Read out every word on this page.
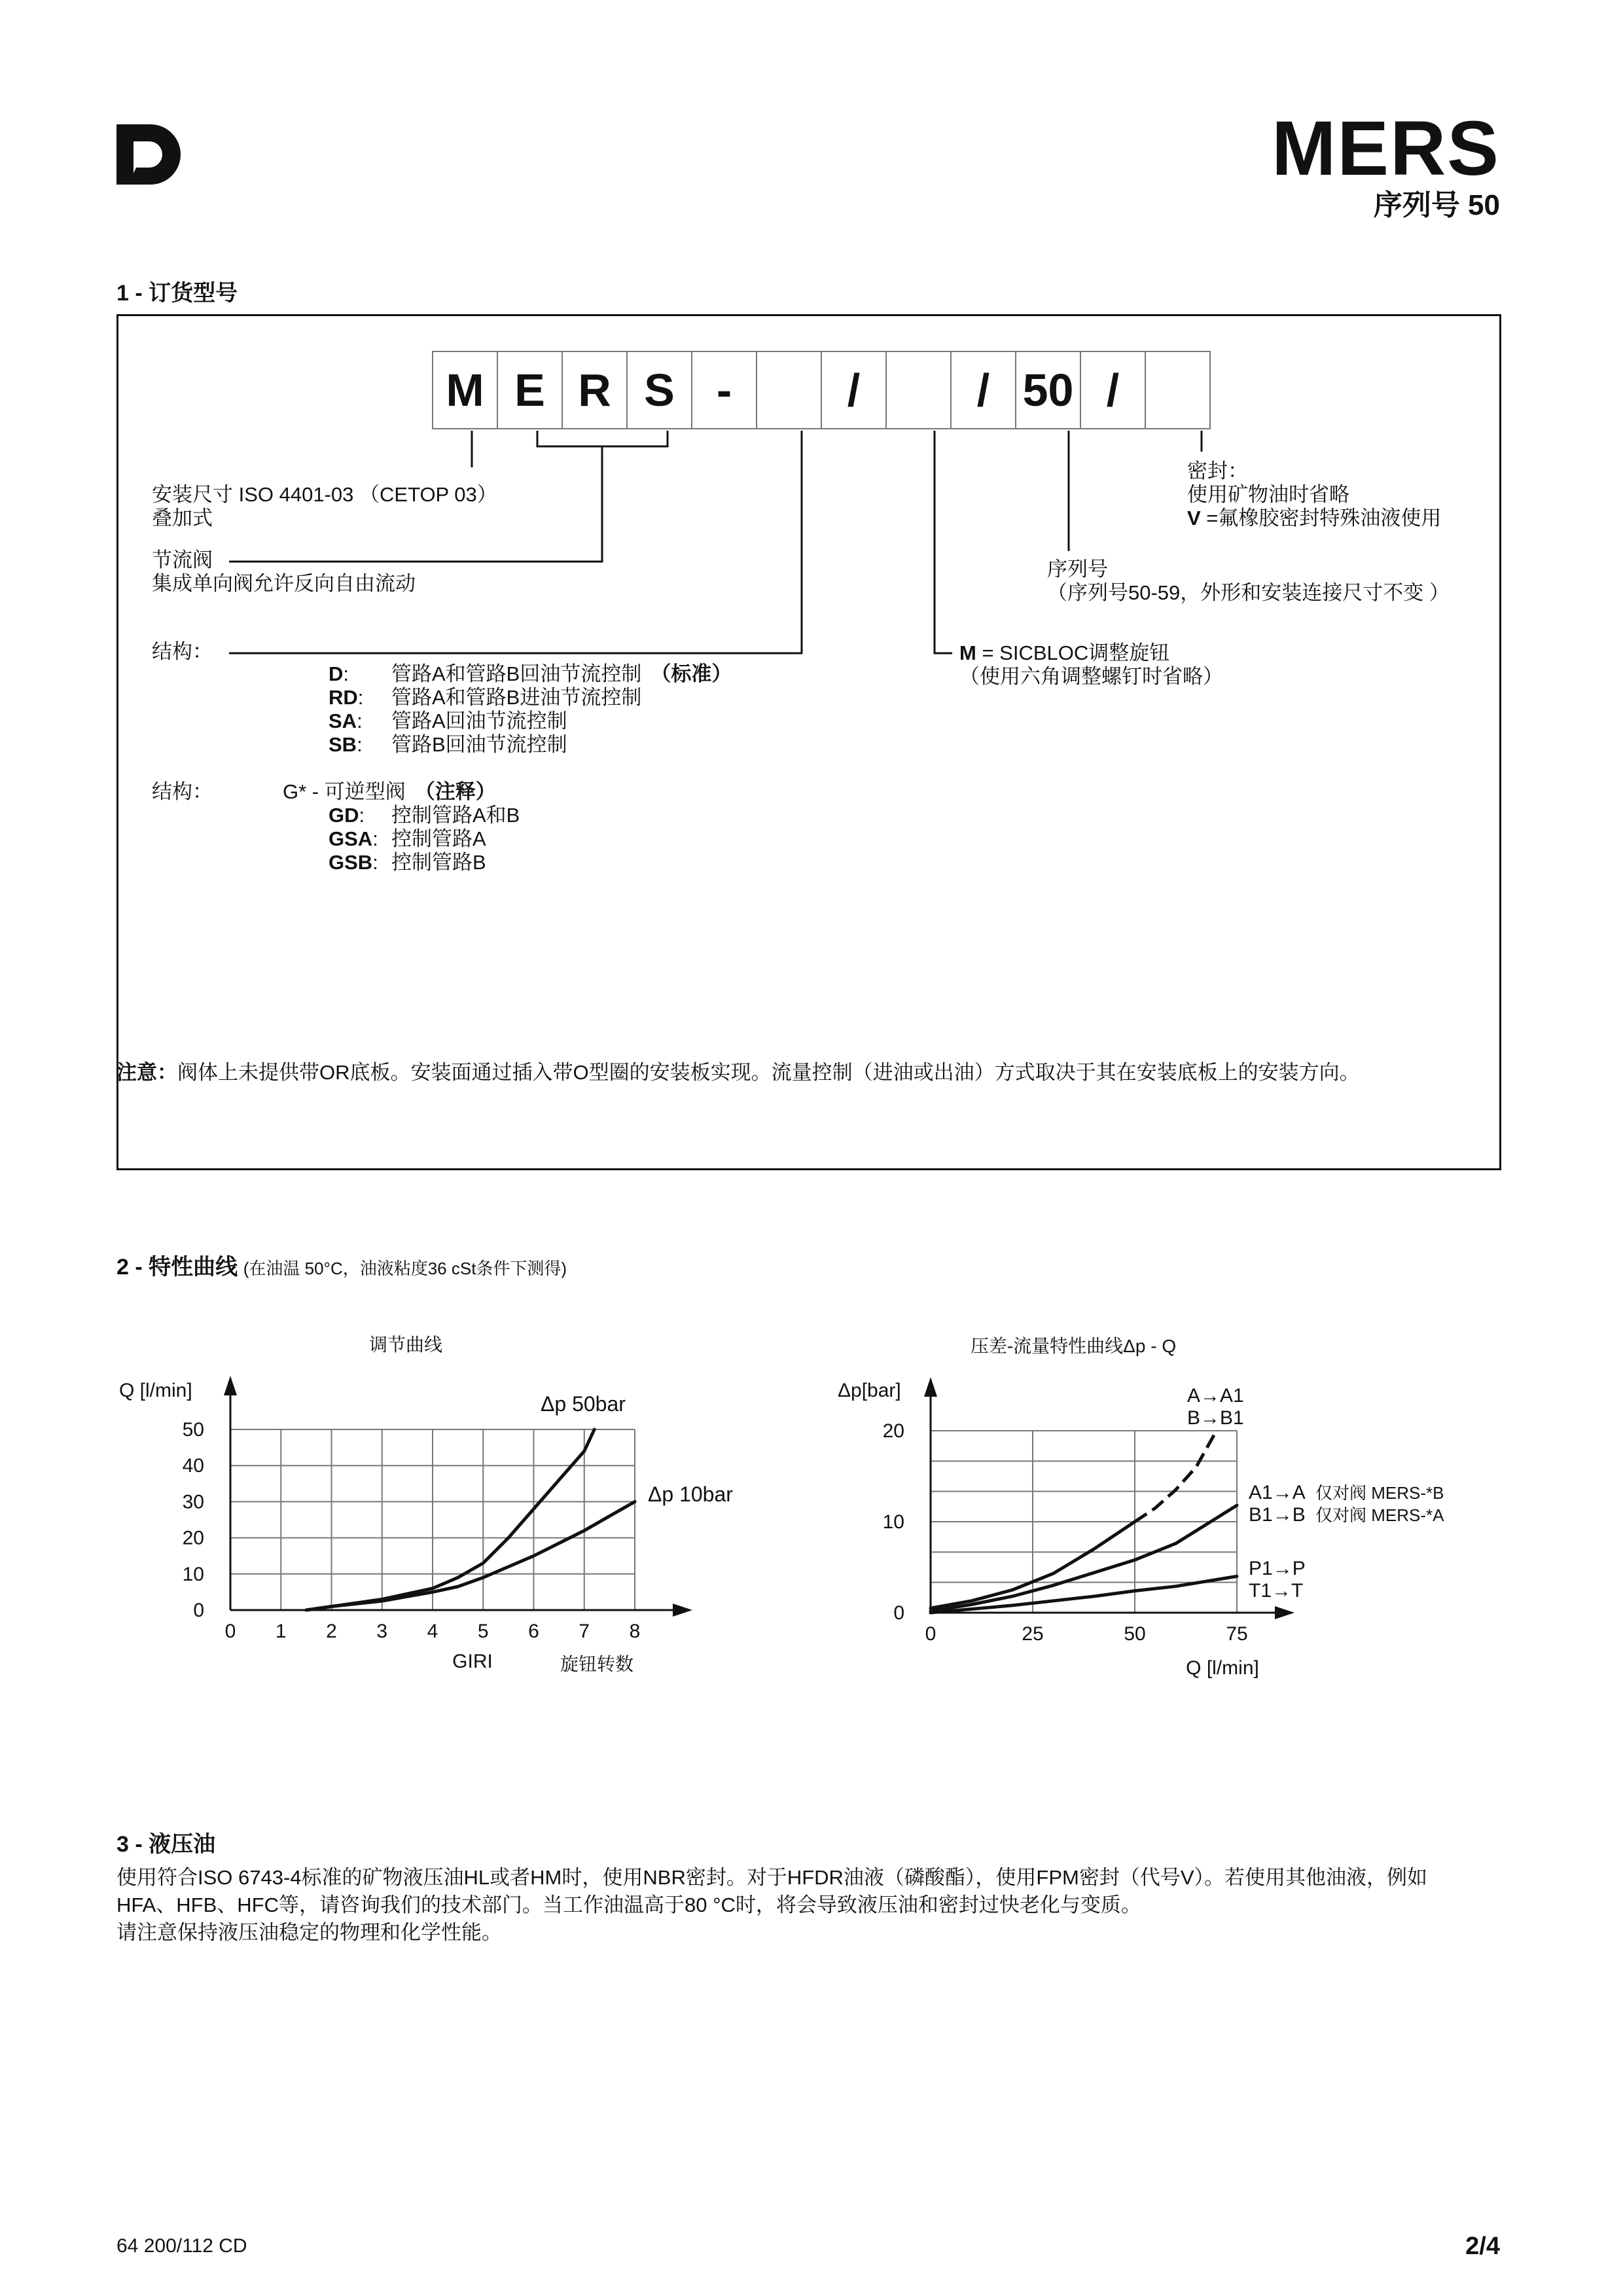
MERS
序列号 50
1 - 订货型号
M E R S -	/	/ 50 /
安装尺寸 ISO 4401-03 （CETOP 03）
叠加式
节流阀
集成单向阀允许反向自由流动
结构：
D: 管路A和管路B回油节流控制 （标准）
RD: 管路A和管路B进油节流控制
SA: 管路A回油节流控制
SB: 管路B回油节流控制
结构：	G* - 可逆型阀 （注释）
GD: 控制管路A和B
GSA: 控制管路A
GSB: 控制管路B
密封：
使用矿物油时省略
V =氟橡胶密封特殊油液使用
序列号
（序列号50-59，外形和安装连接尺寸不变 ）
M = SICBLOC调整旋钮
（使用六角调整螺钉时省略）
注意：阀体上未提供带OR底板。安装面通过插入带O型圈的安装板实现。流量控制（进油或出油）方式取决于其在安装底板上的安装方向。
2 - 特性曲线 (在油温 50°C，油液粘度36 cSt条件下测得)
调节曲线
0 1 2 3 4 5 6 7 8
0
10
20
30
40
50
Q [l/min]
GIRI	旋钮转数
Δp 50bar
Δp 10bar
压差-流量特性曲线Δp - Q
0	25	50	75
0
10
20
Δp[bar]
Q [l/min]
A→A1
B→B1
A1→A
B1→B
仅对阀 MERS-*B
仅对阀 MERS-*A
P1→P
T1→T
3 - 液压油
使用符合ISO 6743-4标准的矿物液压油HL或者HM时，使用NBR密封。对于HFDR油液（磷酸酯），使用FPM密封（代号V）。若使用其他油液，例如HFA、HFB、HFC等，请咨询我们的技术部门。当工作油温高于80 °C时，将会导致液压油和密封过快老化与变质。
请注意保持液压油稳定的物理和化学性能。
64 200/112 CD	2/4
